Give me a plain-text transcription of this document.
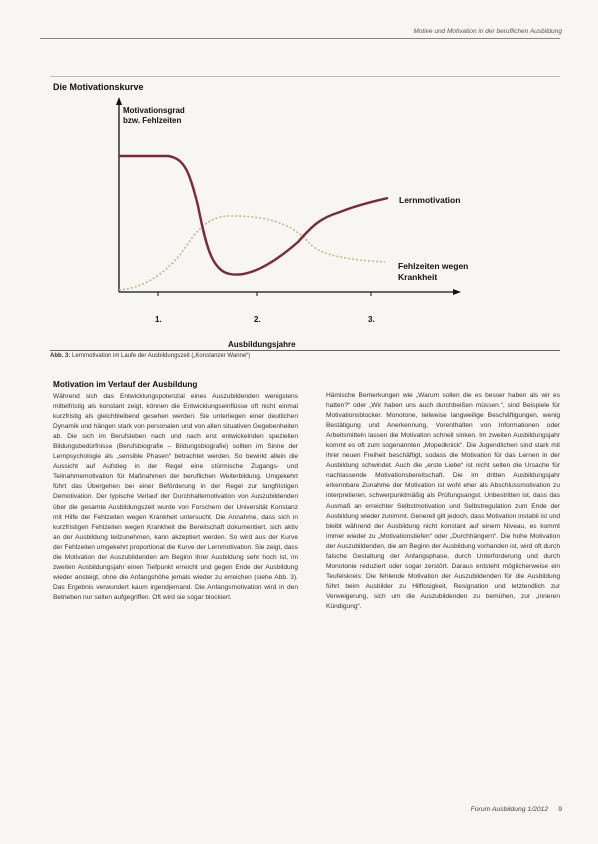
Motive und Motivation in der beruflichen Ausbildung
Die Motivationskurve
Motivationsgrad
bzw. Fehlzeiten
Lernmotivation
Fehlzeiten wegen
Krankheit
1.	2.	3.
Ausbildungsjahre
Abb. 3: Lernmotivation im Laufe der Ausbildungszeit („Konstanzer Wanne“)
Motivation im Verlauf der Ausbildung
Während sich das Entwicklungspotenzial eines Auszubildenden wenigstens mittelfristig als konstant zeigt, können die Entwicklungseinflüsse oft nicht einmal kurzfristig als gleichbleibend gesehen werden. Sie unterliegen einer deutlichen Dynamik und hängen stark von personalen und von allen situativen Gegebenheiten ab. Die sich im Berufsleben nach und nach erst entwickelnden speziellen Bildungsbedürfnisse (Berufsbiografie – Bildungsbiografie) sollten im Sinne der Lernpsychologie als „sensible Phasen“ betrachtet werden. So bewirkt allein die Aussicht auf Aufstieg in der Regel eine stürmische Zugangs- und Teilnahmemotivation für Maßnahmen der beruflichen Weiterbildung. Umgekehrt führt das Übergehen bei einer Beförderung in der Regel zur langfristigen Demotivation. Der typische Verlauf der Durchhaltemotivation von Auszubildenden über die gesamte Ausbildungszeit wurde von Forschern der Universität Konstanz mit Hilfe der Fehlzeiten wegen Krankheit untersucht. Die Annahme, dass sich in kurzfristigen Fehlzeiten wegen Krankheit die Bereitschaft dokumentiert, sich aktiv an der Ausbildung teilzunehmen, kann akzeptiert werden. So wird aus der Kurve der Fehlzeiten umgekehrt proportional die Kurve der Lernmotivation. Sie zeigt, dass die Motivation der Auszubildenden am Beginn ihrer Ausbildung sehr hoch ist, im zweiten Ausbildungsjahr einen Tiefpunkt erreicht und gegen Ende der Ausbildung wieder ansteigt, ohne die Anfangshöhe jemals wieder zu erreichen (siehe Abb. 3). Das Ergebnis verwundert kaum irgendjemand. Die Anfangsmotivation wird in den Betrieben nur selten aufgegriffen. Oft wird sie sogar blockiert.
Hämische Bemerkungen wie „Warum sollen die es besser haben als wir es hatten?“ oder „Wir haben uns auch durchbeißen müssen.“, sind Beispiele für Motivationsblocker. Monotone, teilweise langweilige Beschäftigungen, wenig Bestätigung und Anerkennung, Vorenthalten von Informationen oder Arbeitsmitteln lassen die Motivation schnell sinken. Im zweiten Ausbildungsjahr kommt es oft zum sogenannten „Mopedknick“. Die Jugendlichen sind stark mit ihrer neuen Freiheit beschäftigt, sodass die Motivation für das Lernen in der Ausbildung schwindet. Auch die „erste Liebe“ ist nicht selten die Ursache für nachlassende Motivationsbereitschaft. Die im dritten Ausbildungsjahr erkennbare Zunahme der Motivation ist wohl eher als Abschlussmotivation zu interpretieren, schwerpunktmäßig als Prüfungsangst. Unbestritten ist, dass das Ausmaß an erreichter Selbstmotivation und Selbstregulation zum Ende der Ausbildung wieder zunimmt. Generell gilt jedoch, dass Motivation instabil ist und bleibt während der Ausbildung nicht konstant auf einem Niveau, es kommt immer wieder zu „Motivationstiefen“ oder „Durchhängern“. Die hohe Motivation der Auszubildenden, die am Beginn der Ausbildung vorhanden ist, wird oft durch falsche Gestaltung der Anfangsphase, durch Unterforderung und durch Monotonie reduziert oder sogar zerstört. Daraus entsteht möglicherweise ein Teufelskreis: Die fehlende Motivation der Auszubildenden für die Ausbildung führt beim Ausbilder zu Hilflosigkeit, Resignation und letztendlich zur Verweigerung, sich um die Auszubildenden zu bemühen, zur „inneren Kündigung“.
Forum Ausbildung 1/2012 9
